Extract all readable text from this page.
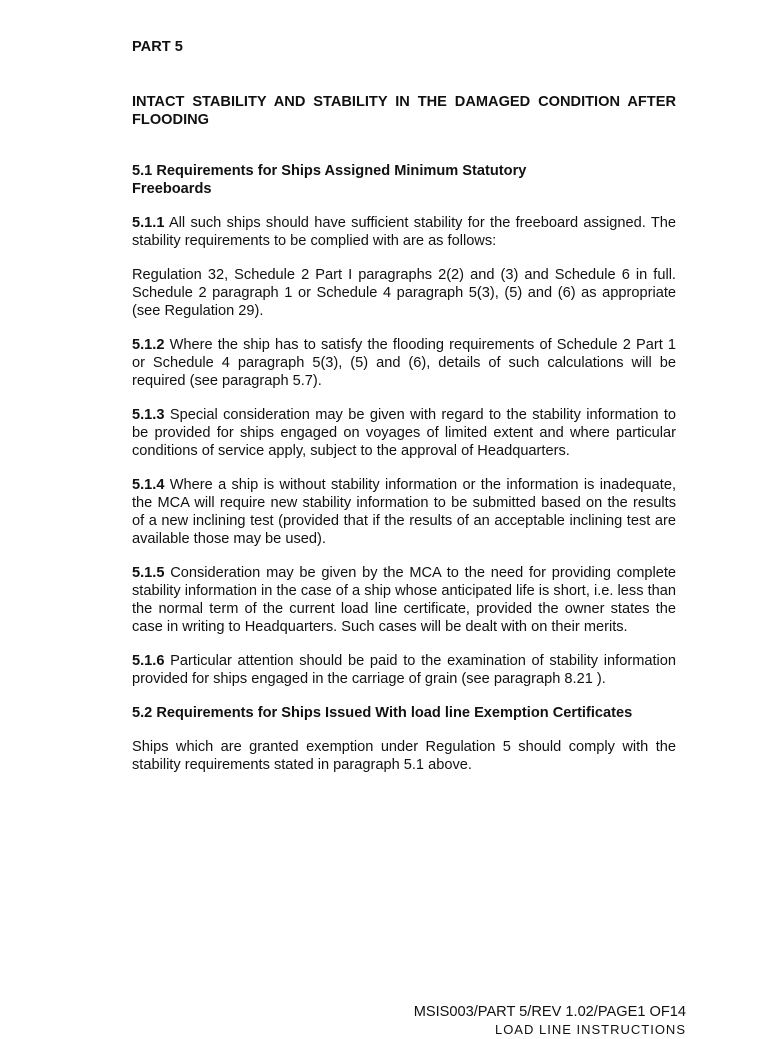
PART 5

INTACT STABILITY AND STABILITY IN THE DAMAGED CONDITION AFTER FLOODING

5.1 Requirements for Ships Assigned Minimum Statutory Freeboards

5.1.1 All such ships should have sufficient stability for the freeboard assigned. The stability requirements to be complied with are as follows:

Regulation 32, Schedule 2 Part I paragraphs 2(2) and (3) and Schedule 6 in full. Schedule 2 paragraph 1 or Schedule 4 paragraph 5(3), (5) and (6) as appropriate (see Regulation 29).

5.1.2 Where the ship has to satisfy the flooding requirements of Schedule 2 Part 1 or Schedule 4 paragraph 5(3), (5) and (6), details of such calculations will be required (see paragraph 5.7).

5.1.3 Special consideration may be given with regard to the stability information to be provided for ships engaged on voyages of limited extent and where particular conditions of service apply, subject to the approval of Headquarters.

5.1.4 Where a ship is without stability information or the information is inadequate, the MCA will require new stability information to be submitted based on the results of a new inclining test (provided that if the results of an acceptable inclining test are available those may be used).

5.1.5 Consideration may be given by the MCA to the need for providing complete stability information in the case of a ship whose anticipated life is short, i.e. less than the normal term of the current load line certificate, provided the owner states the case in writing to Headquarters. Such cases will be dealt with on their merits.

5.1.6 Particular attention should be paid to the examination of stability information provided for ships engaged in the carriage of grain (see paragraph 8.21 ).

5.2 Requirements for Ships Issued With load line Exemption Certificates

Ships which are granted exemption under Regulation 5 should comply with the stability requirements stated in paragraph 5.1 above.

MSIS003/PART 5/REV 1.02/PAGE1 OF14
LOAD LINE INSTRUCTIONS
